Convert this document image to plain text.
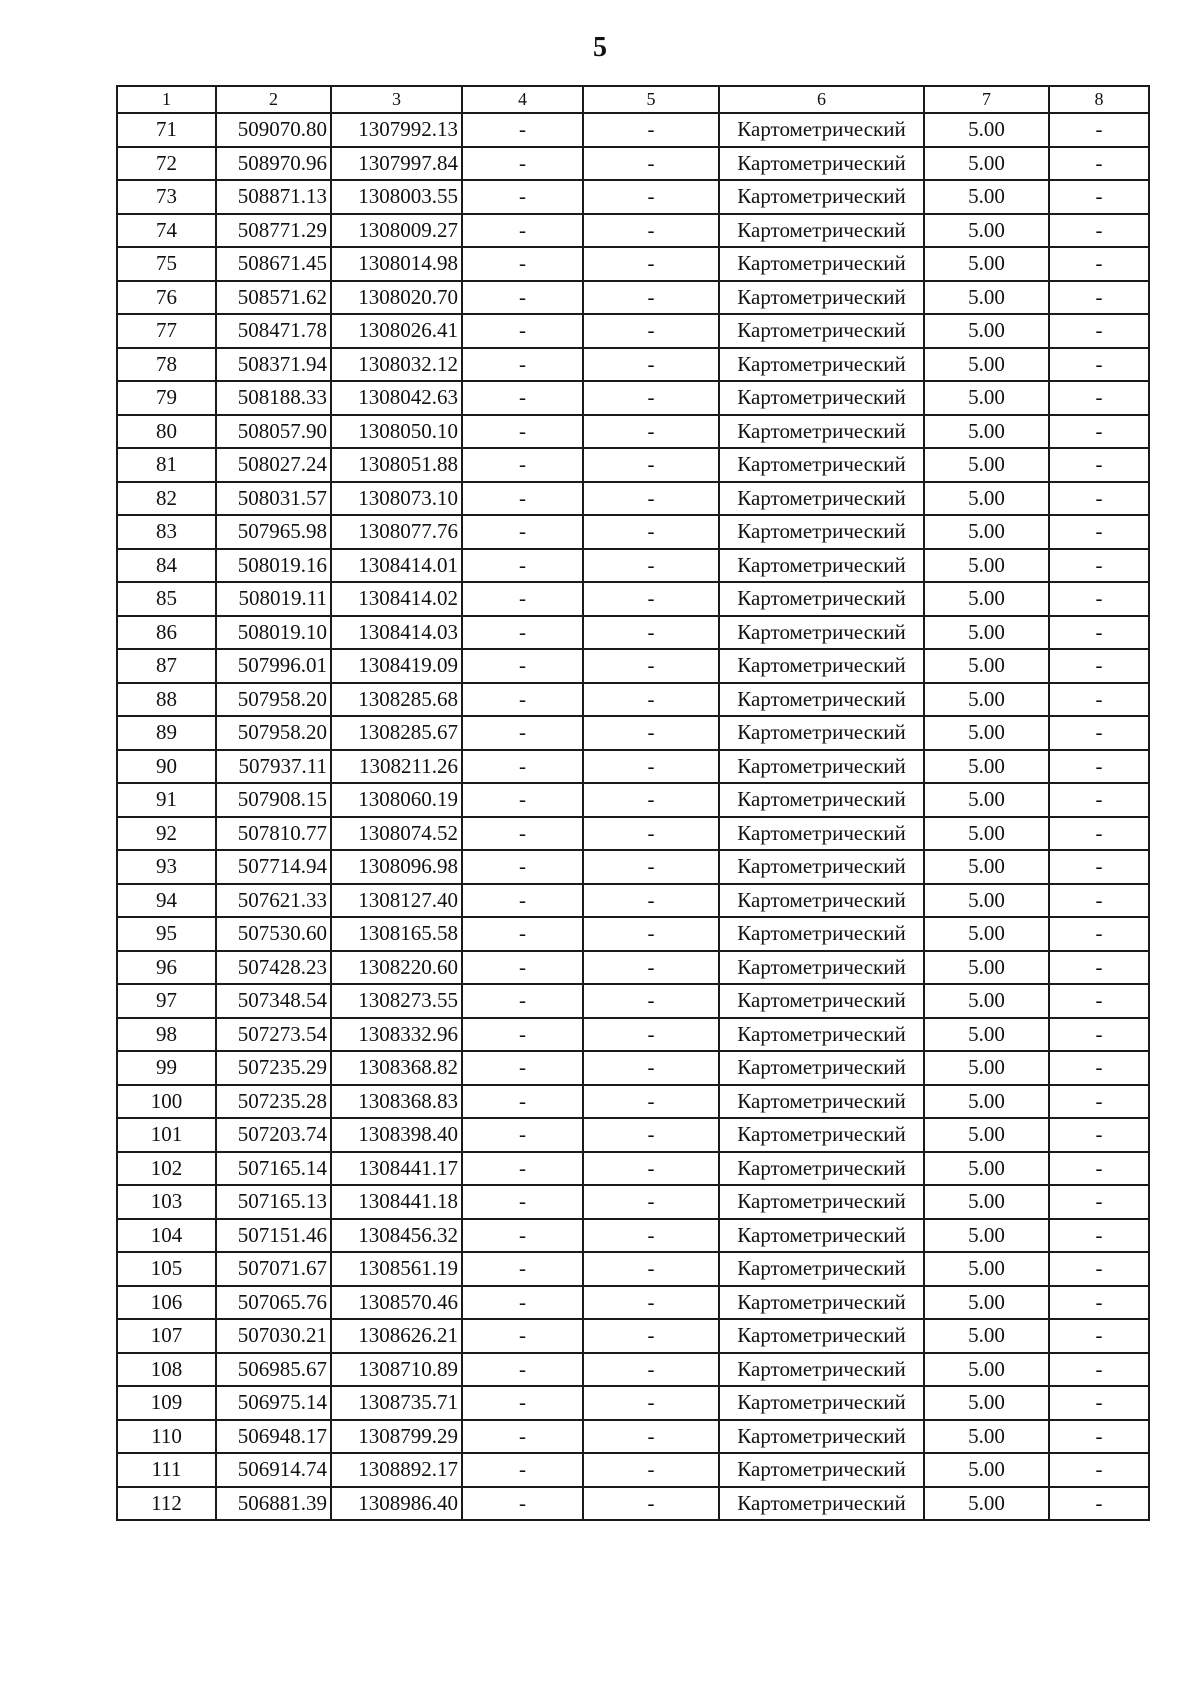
5
1	2	3	4	5	6	7	8
71	509070.80	1307992.13	-	-	Картометрический	5.00	-
72	508970.96	1307997.84	-	-	Картометрический	5.00	-
73	508871.13	1308003.55	-	-	Картометрический	5.00	-
74	508771.29	1308009.27	-	-	Картометрический	5.00	-
75	508671.45	1308014.98	-	-	Картометрический	5.00	-
76	508571.62	1308020.70	-	-	Картометрический	5.00	-
77	508471.78	1308026.41	-	-	Картометрический	5.00	-
78	508371.94	1308032.12	-	-	Картометрический	5.00	-
79	508188.33	1308042.63	-	-	Картометрический	5.00	-
80	508057.90	1308050.10	-	-	Картометрический	5.00	-
81	508027.24	1308051.88	-	-	Картометрический	5.00	-
82	508031.57	1308073.10	-	-	Картометрический	5.00	-
83	507965.98	1308077.76	-	-	Картометрический	5.00	-
84	508019.16	1308414.01	-	-	Картометрический	5.00	-
85	508019.11	1308414.02	-	-	Картометрический	5.00	-
86	508019.10	1308414.03	-	-	Картометрический	5.00	-
87	507996.01	1308419.09	-	-	Картометрический	5.00	-
88	507958.20	1308285.68	-	-	Картометрический	5.00	-
89	507958.20	1308285.67	-	-	Картометрический	5.00	-
90	507937.11	1308211.26	-	-	Картометрический	5.00	-
91	507908.15	1308060.19	-	-	Картометрический	5.00	-
92	507810.77	1308074.52	-	-	Картометрический	5.00	-
93	507714.94	1308096.98	-	-	Картометрический	5.00	-
94	507621.33	1308127.40	-	-	Картометрический	5.00	-
95	507530.60	1308165.58	-	-	Картометрический	5.00	-
96	507428.23	1308220.60	-	-	Картометрический	5.00	-
97	507348.54	1308273.55	-	-	Картометрический	5.00	-
98	507273.54	1308332.96	-	-	Картометрический	5.00	-
99	507235.29	1308368.82	-	-	Картометрический	5.00	-
100	507235.28	1308368.83	-	-	Картометрический	5.00	-
101	507203.74	1308398.40	-	-	Картометрический	5.00	-
102	507165.14	1308441.17	-	-	Картометрический	5.00	-
103	507165.13	1308441.18	-	-	Картометрический	5.00	-
104	507151.46	1308456.32	-	-	Картометрический	5.00	-
105	507071.67	1308561.19	-	-	Картометрический	5.00	-
106	507065.76	1308570.46	-	-	Картометрический	5.00	-
107	507030.21	1308626.21	-	-	Картометрический	5.00	-
108	506985.67	1308710.89	-	-	Картометрический	5.00	-
109	506975.14	1308735.71	-	-	Картометрический	5.00	-
110	506948.17	1308799.29	-	-	Картометрический	5.00	-
111	506914.74	1308892.17	-	-	Картометрический	5.00	-
112	506881.39	1308986.40	-	-	Картометрический	5.00	-
